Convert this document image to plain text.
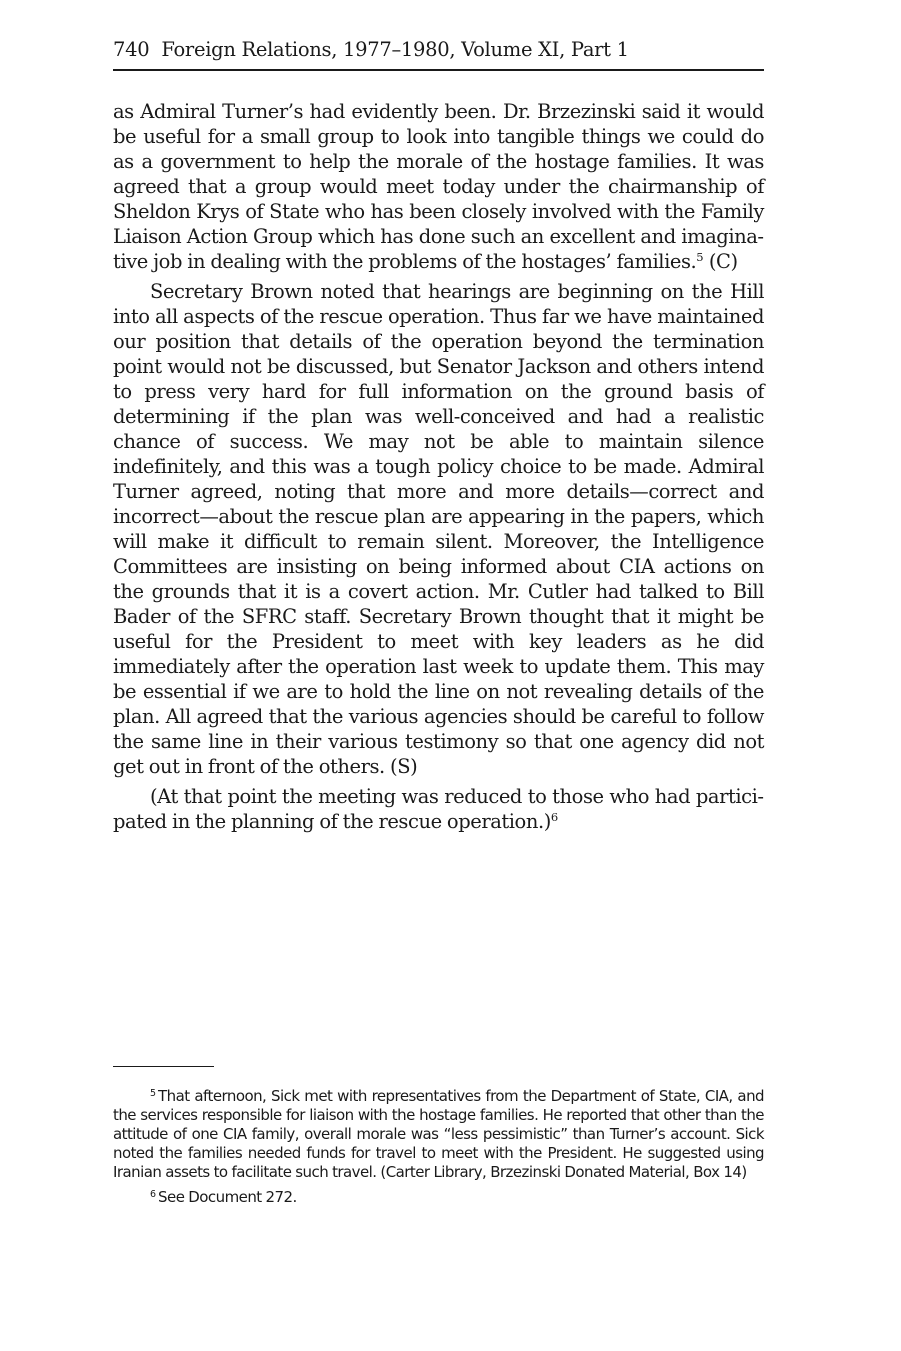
740 Foreign Relations, 1977–1980, Volume XI, Part 1

as Admiral Turner’s had evidently been. Dr. Brzezinski said it would be useful for a small group to look into tangible things we could do as a government to help the morale of the hostage families. It was agreed that a group would meet today under the chairmanship of Sheldon Krys of State who has been closely involved with the Family Liaison Action Group which has done such an excellent and imaginative job in dealing with the problems of the hostages’ families.$^5$ (C)

Secretary Brown noted that hearings are beginning on the Hill into all aspects of the rescue operation. Thus far we have maintained our position that details of the operation beyond the termination point would not be discussed, but Senator Jackson and others intend to press very hard for full information on the ground basis of determining if the plan was well-conceived and had a realistic chance of success. We may not be able to maintain silence indefinitely, and this was a tough policy choice to be made. Admiral Turner agreed, noting that more and more details—correct and incorrect—about the rescue plan are appearing in the papers, which will make it difficult to remain silent. Moreover, the Intelligence Committees are insisting on being informed about CIA actions on the grounds that it is a covert action. Mr. Cutler had talked to Bill Bader of the SFRC staff. Secretary Brown thought that it might be useful for the President to meet with key leaders as he did immediately after the operation last week to update them. This may be essential if we are to hold the line on not revealing details of the plan. All agreed that the various agencies should be careful to follow the same line in their various testimony so that one agency did not get out in front of the others. (S)

(At that point the meeting was reduced to those who had participated in the planning of the rescue operation.)$^6$

$^5$ That afternoon, Sick met with representatives from the Department of State, CIA, and the services responsible for liaison with the hostage families. He reported that other than the attitude of one CIA family, overall morale was “less pessimistic” than Turner’s account. Sick noted the families needed funds for travel to meet with the President. He suggested using Iranian assets to facilitate such travel. (Carter Library, Brzezinski Donated Material, Box 14)

$^6$ See Document 272.
